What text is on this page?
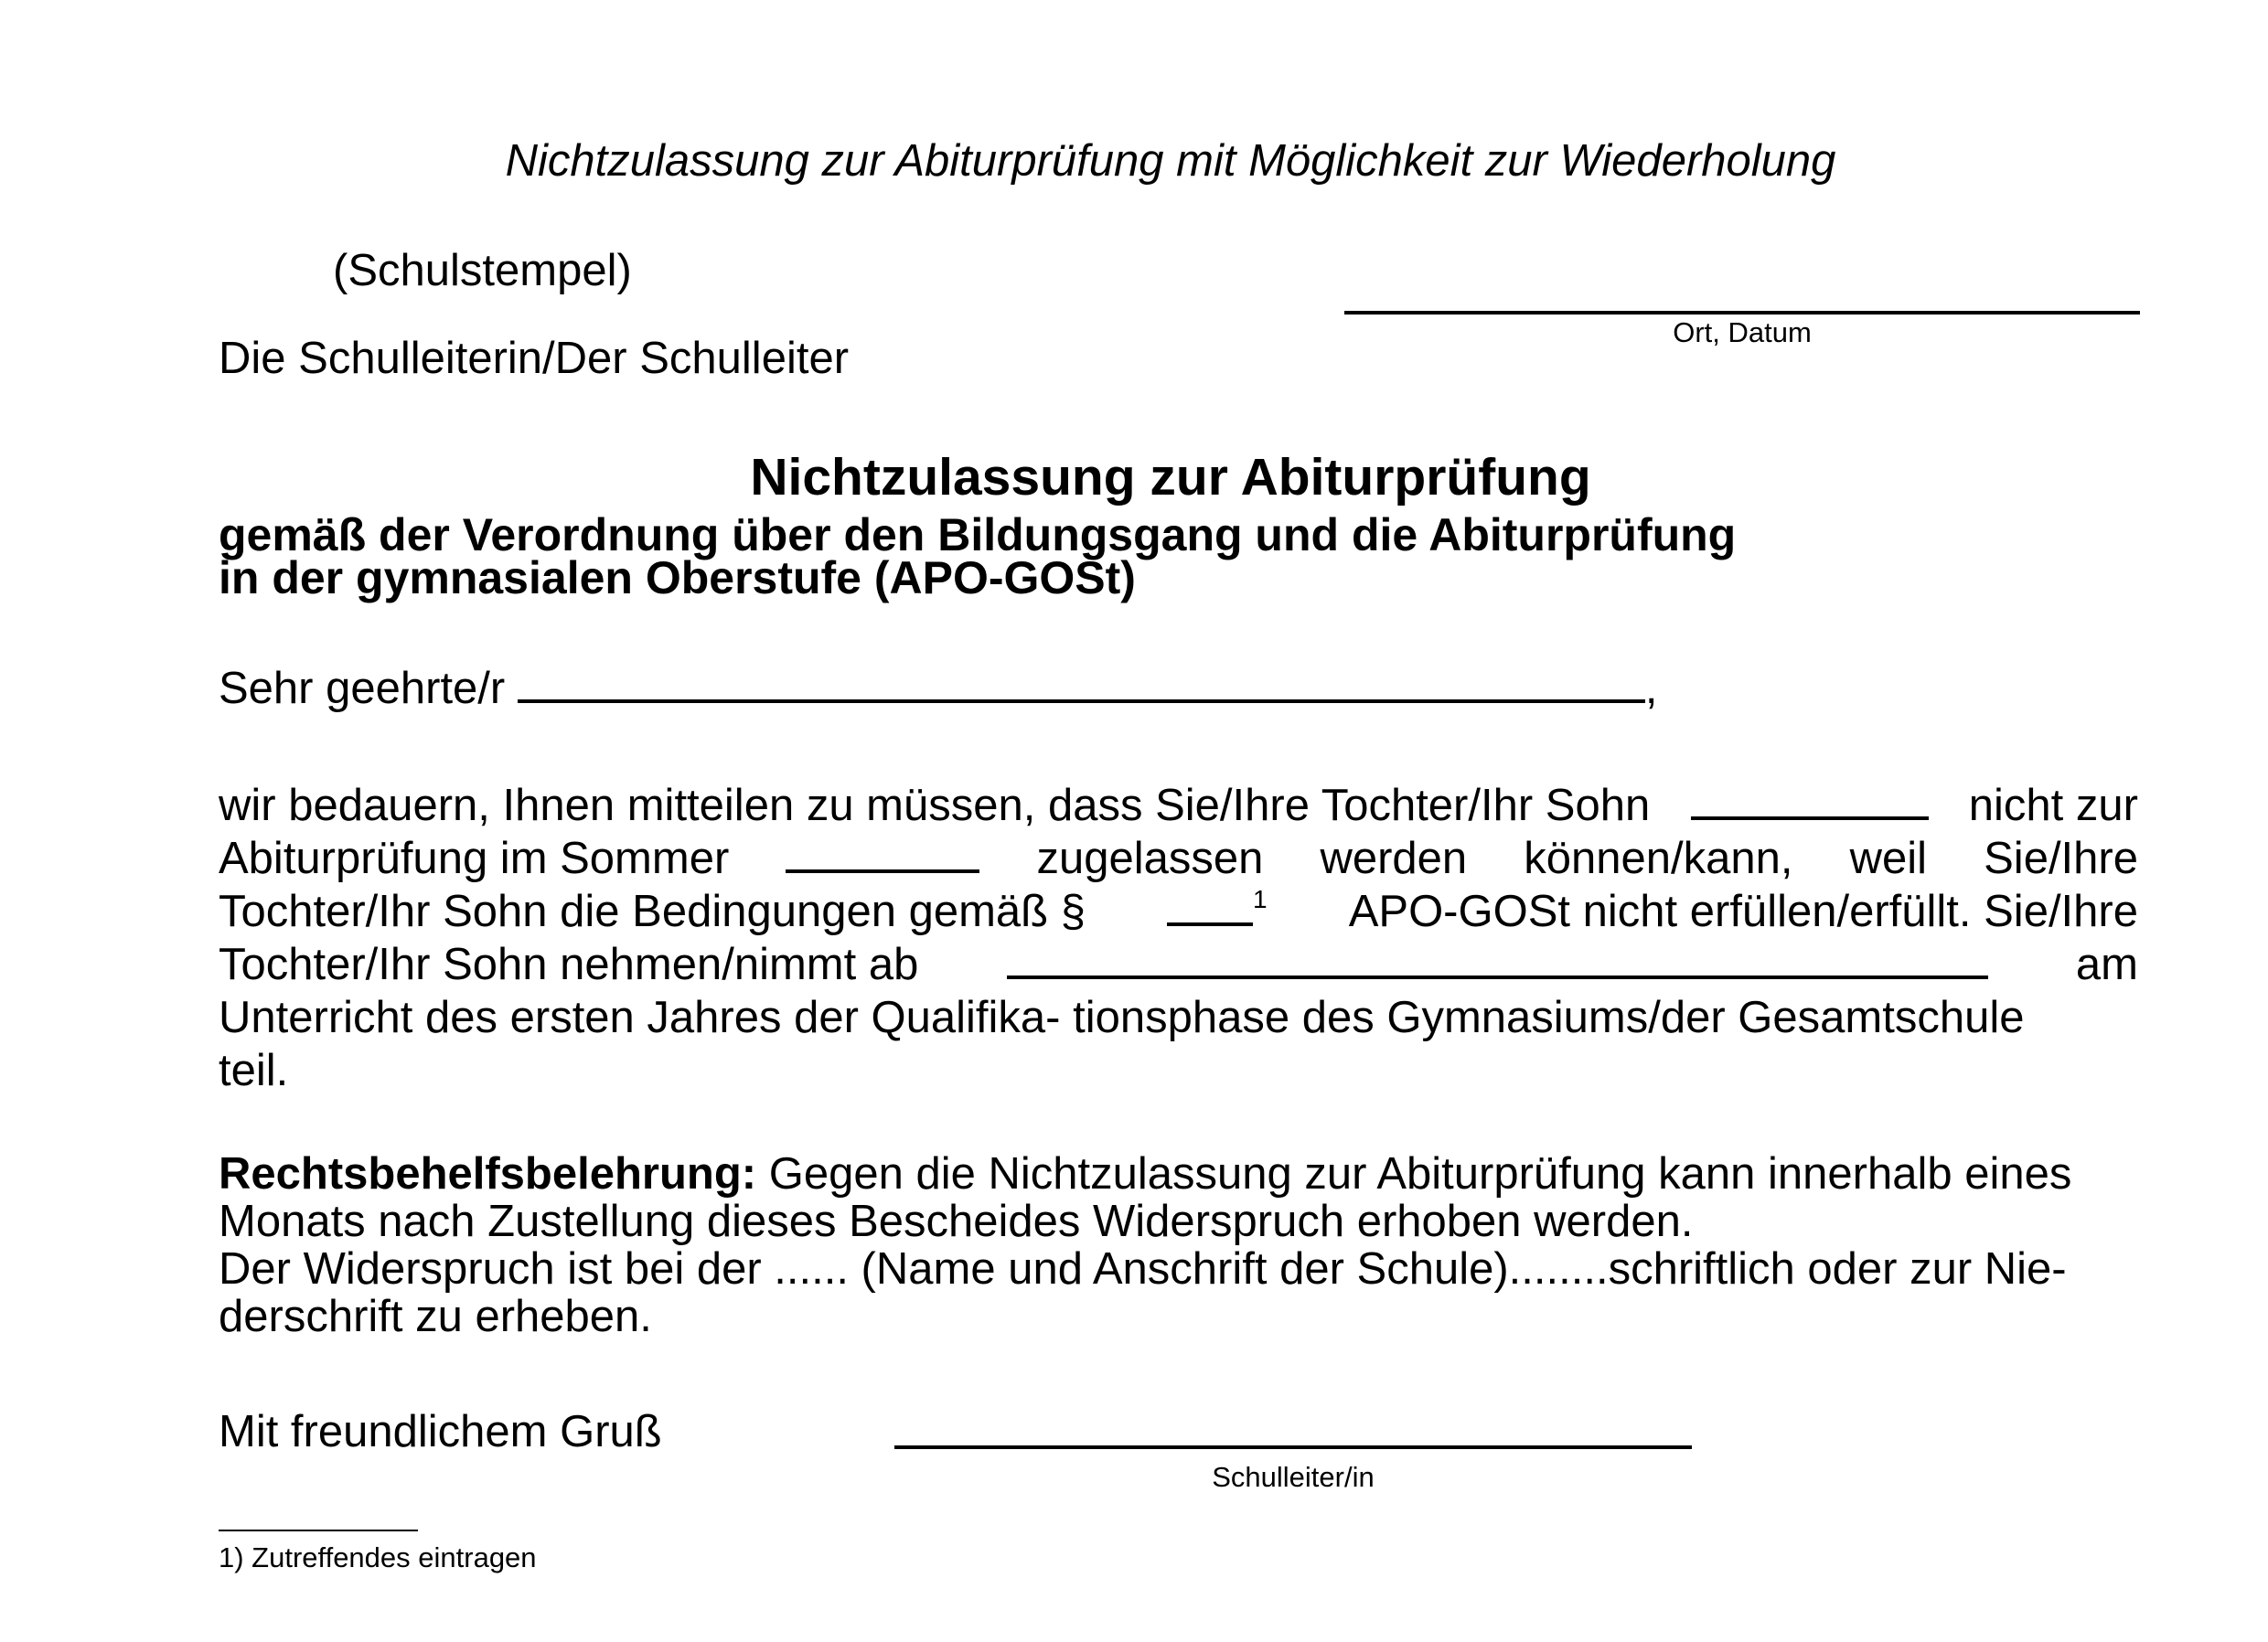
Nichtzulassung zur Abiturprüfung mit Möglichkeit zur Wiederholung
(Schulstempel)
Ort, Datum
Die Schulleiterin/Der Schulleiter
Nichtzulassung zur Abiturprüfung
gemäß der Verordnung über den Bildungsgang und die Abiturprüfung
in der gymnasialen Oberstufe (APO-GOSt)
Sehr geehrte/r	,
wir bedauern, Ihnen mitteilen zu müssen, dass Sie/Ihre Tochter/Ihr Sohn	nicht zur
Abiturprüfung im Sommer	zugelassen werden können/kann, weil Sie/Ihre
Tochter/Ihr Sohn die Bedingungen gemäß §	$^1$ APO-GOSt nicht erfüllen/erfüllt. Sie/Ihre
Tochter/Ihr Sohn nehmen/nimmt ab	am
Unterricht des ersten Jahres der Qualifika- tionsphase des Gymnasiums/der Gesamtschule
teil.
Rechtsbehelfsbelehrung: Gegen die Nichtzulassung zur Abiturprüfung kann innerhalb eines Monats nach Zustellung dieses Bescheides Widerspruch erhoben werden.
Der Widerspruch ist bei der ...... (Name und Anschrift der Schule)........schriftlich oder zur Nie-derschrift zu erheben.
Mit freundlichem Gruß
Schulleiter/in
1) Zutreffendes eintragen
